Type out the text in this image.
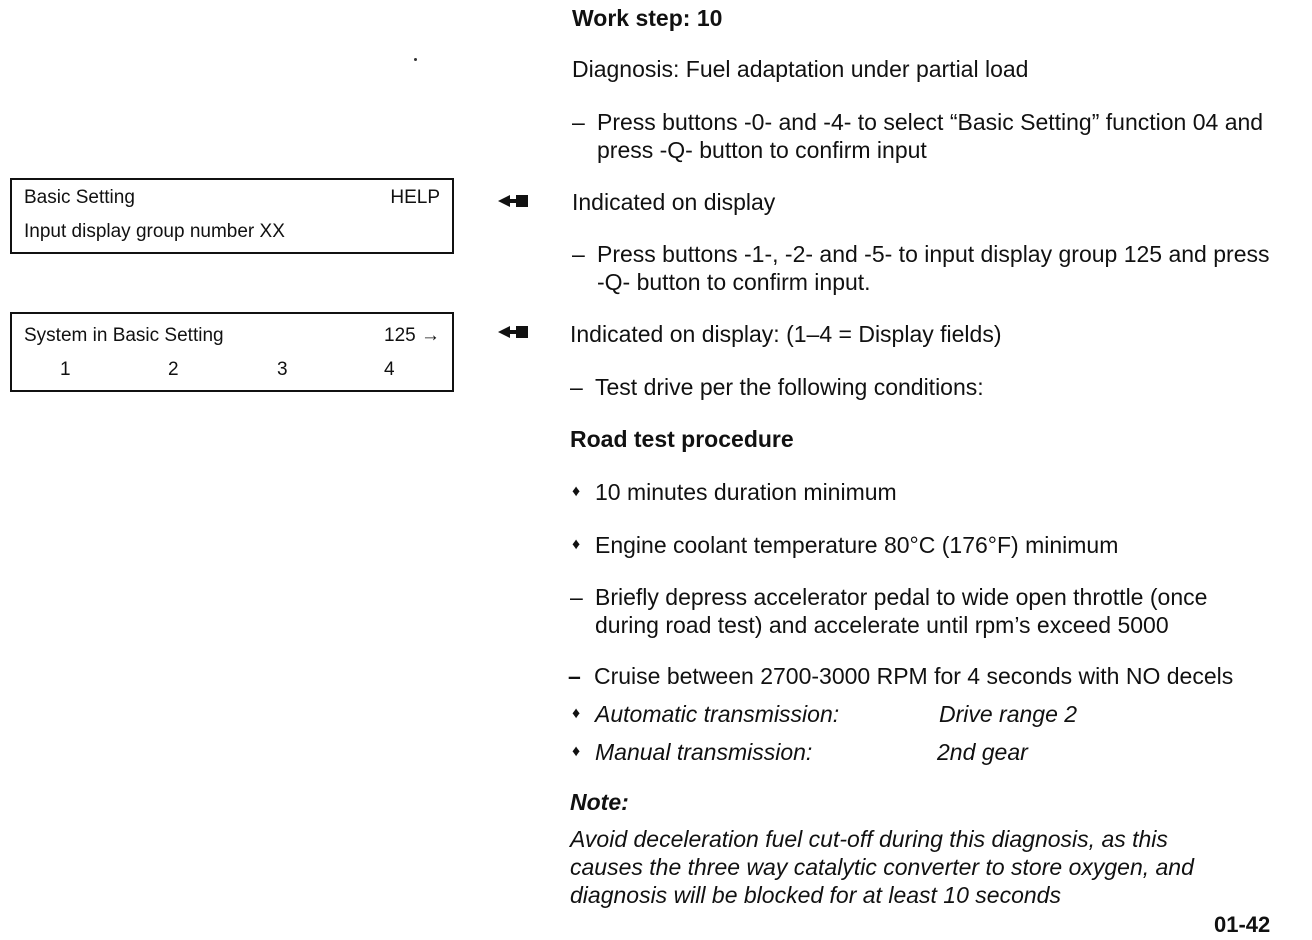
Work step: 10
Diagnosis: Fuel adaptation under partial load
– Press buttons -0- and -4- to select “Basic Setting” function 04 and
press -Q- button to confirm input
Basic Setting	HELP
Input display group number XX
Indicated on display
– Press buttons -1-, -2- and -5- to input display group 125 and press
-Q- button to confirm input.
System in Basic Setting	125 →
1	2	3	4
Indicated on display: (1–4 = Display fields)
– Test drive per the following conditions:
Road test procedure
♦ 10 minutes duration minimum
♦ Engine coolant temperature 80°C (176°F) minimum
– Briefly depress accelerator pedal to wide open throttle (once
during road test) and accelerate until rpm’s exceed 5000
– Cruise between 2700-3000 RPM for 4 seconds with NO decels
♦ Automatic transmission:	Drive range 2
♦ Manual transmission:	2nd gear
Note:
Avoid deceleration fuel cut-off during this diagnosis, as this
causes the three way catalytic converter to store oxygen, and
diagnosis will be blocked for at least 10 seconds
01-42
